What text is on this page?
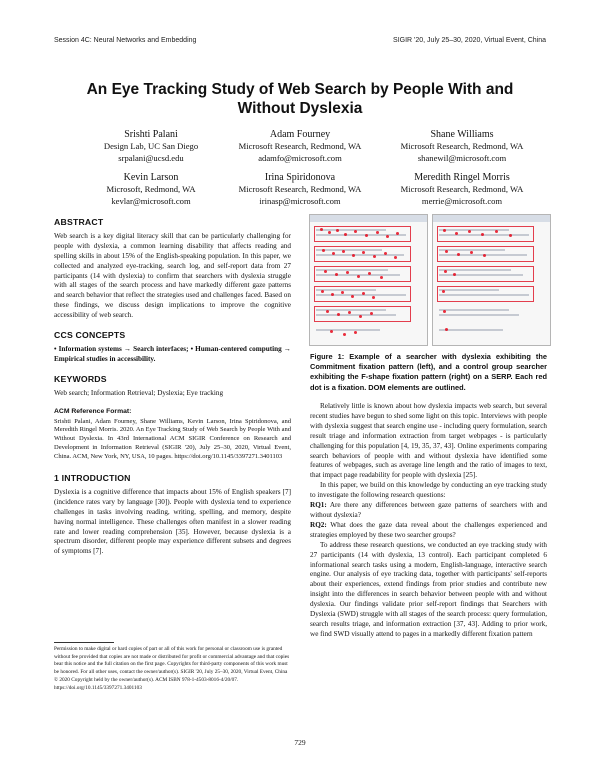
Session 4C: Neural Networks and Embedding	SIGIR '20, July 25–30, 2020, Virtual Event, China
An Eye Tracking Study of Web Search by People With and Without Dyslexia
Srishti Palani
Design Lab, UC San Diego
srpalani@ucsd.edu
Adam Fourney
Microsoft Research, Redmond, WA
adamfo@microsoft.com
Shane Williams
Microsoft Research, Redmond, WA
shanewil@microsoft.com
Kevin Larson
Microsoft, Redmond, WA
kevlar@microsoft.com
Irina Spiridonova
Microsoft Research, Redmond, WA
irinasp@microsoft.com
Meredith Ringel Morris
Microsoft Research, Redmond, WA
merrie@microsoft.com
ABSTRACT

Web search is a key digital literacy skill that can be particularly challenging for people with dyslexia, a common learning disability that affects reading and spelling skills in about 15% of the English-speaking population. In this paper, we collected and analyzed eye-tracking, search log, and self-report data from 27 participants (14 with dyslexia) to confirm that searchers with dyslexia struggle with all stages of the search process and have markedly different gaze patterns and search behavior that reflect the strategies used and challenges faced. Based on these findings, we discuss design implications to improve the cognitive accessibility of web search.

CCS CONCEPTS

• Information systems → Search interfaces; • Human-centered computing → Empirical studies in accessibility.

KEYWORDS

Web search; Information Retrieval; Dyslexia; Eye tracking

ACM Reference Format:

Srishti Palani, Adam Fourney, Shane Williams, Kevin Larson, Irina Spiridonova, and Meredith Ringel Morris. 2020. An Eye Tracking Study of Web Search by People With and Without Dyslexia. In 43rd International ACM SIGIR Conference on Research and Development in Information Retrieval (SIGIR '20), July 25–30, 2020, Virtual Event, China. ACM, New York, NY, USA, 10 pages. https://doi.org/10.1145/3397271.3401103

1 INTRODUCTION

Dyslexia is a cognitive difference that impacts about 15% of English speakers [7] (incidence rates vary by language [30]). People with dyslexia tend to experience challenges in tasks involving reading, writing, spelling, and memory, despite having normal intelligence. These challenges often manifest in a slower reading rate and lower reading comprehension [35]. However, because dyslexia is a spectrum disorder, different people may experience different subsets and degrees of symptoms [7].

Permission to make digital or hard copies of part or all of this work for personal or classroom use is granted without fee provided that copies are not made or distributed for profit or commercial advantage and that copies bear this notice and the full citation on the first page. Copyrights for third-party components of this work must be honored. For all other uses, contact the owner/author(s). SIGIR '20, July 25–30, 2020, Virtual Event, China © 2020 Copyright held by the owner/author(s). ACM ISBN 978-1-4503-8016-4/20/07. https://doi.org/10.1145/3397271.3401103

Figure 1: Example of a searcher with dyslexia exhibiting the Commitment fixation pattern (left), and a control group searcher exhibiting the F-shape fixation pattern (right) on a SERP. Each red dot is a fixation. DOM elements are outlined.

Relatively little is known about how dyslexia impacts web search, but several recent studies have begun to shed some light on this topic. Interviews with people with dyslexia suggest that search engine use - including query formulation, search result triage and information extraction from target webpages - is particularly challenging for this population [4, 19, 35, 37, 43]. Online experiments comparing search behaviors of people with and without dyslexia have identified some features of webpages, such as average line length and the ratio of images to text, that impact page readability for people with dyslexia [25].

In this paper, we build on this knowledge by conducting an eye tracking study to investigate the following research questions:

RQ1: Are there any differences between gaze patterns of searchers with and without dyslexia?

RQ2: What does the gaze data reveal about the challenges experienced and strategies employed by these two searcher groups?

To address these research questions, we conducted an eye tracking study with 27 participants (14 with dyslexia, 13 control). Each participant completed 6 informational search tasks using a modern, English-language, interactive search engine. Our analysis of eye tracking data, together with participants' self-reports about their experiences, extend findings from prior studies and contribute new insight into the differences in search behavior between people with and without dyslexia. Our findings validate prior self-report findings that Searchers with Dyslexia (SWD) struggle with all stages of the search process: query formulation, search results triage, and information extraction [37, 43]. Adding to prior work, we find SWD visually attend to pages in a markedly different fixation pattern

729
